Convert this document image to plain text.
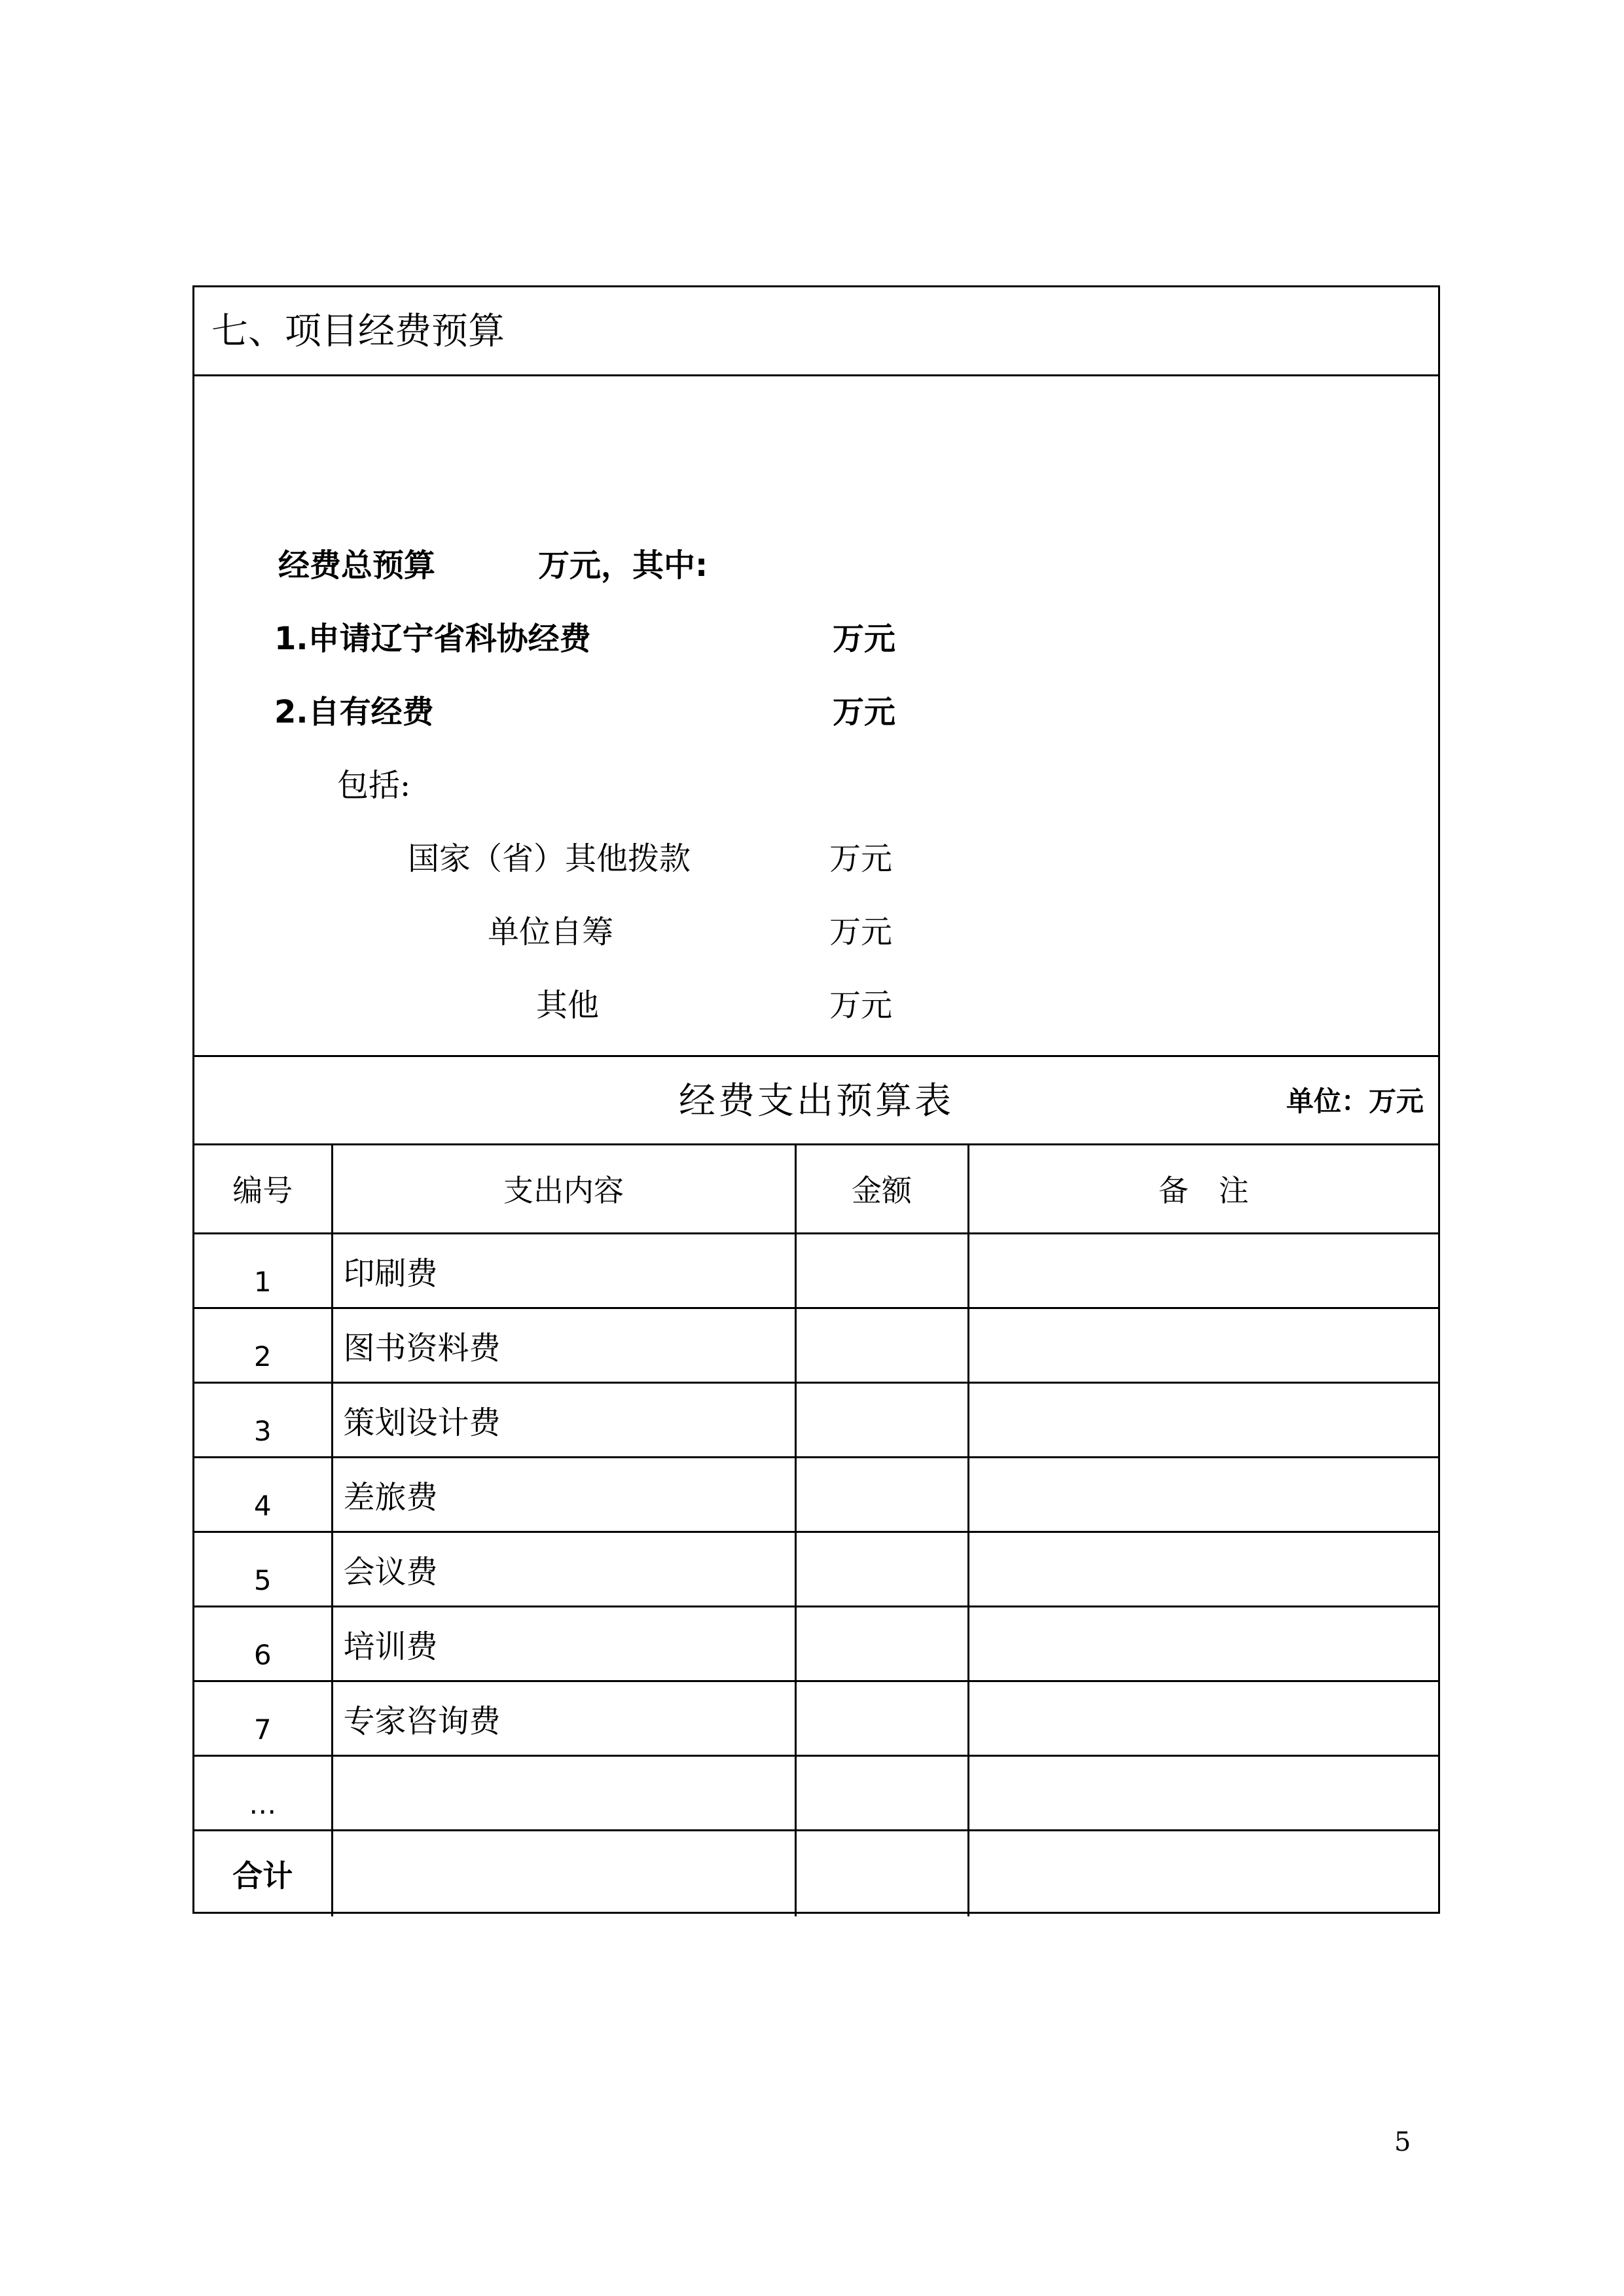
七、项目经费预算
经费总预算	万元，其中:
1.申请辽宁省科协经费	万元
2.自有经费	万元
包括:
国家（省）其他拨款	万元
单位自筹	万元
其他	万元
经费支出预算表	单位：万元
编号	支出内容	金额	备　注
1	印刷费		
2	图书资料费		
3	策划设计费		
4	差旅费		
5	会议费		
6	培训费		
7	专家咨询费		
…			
合计			
5
